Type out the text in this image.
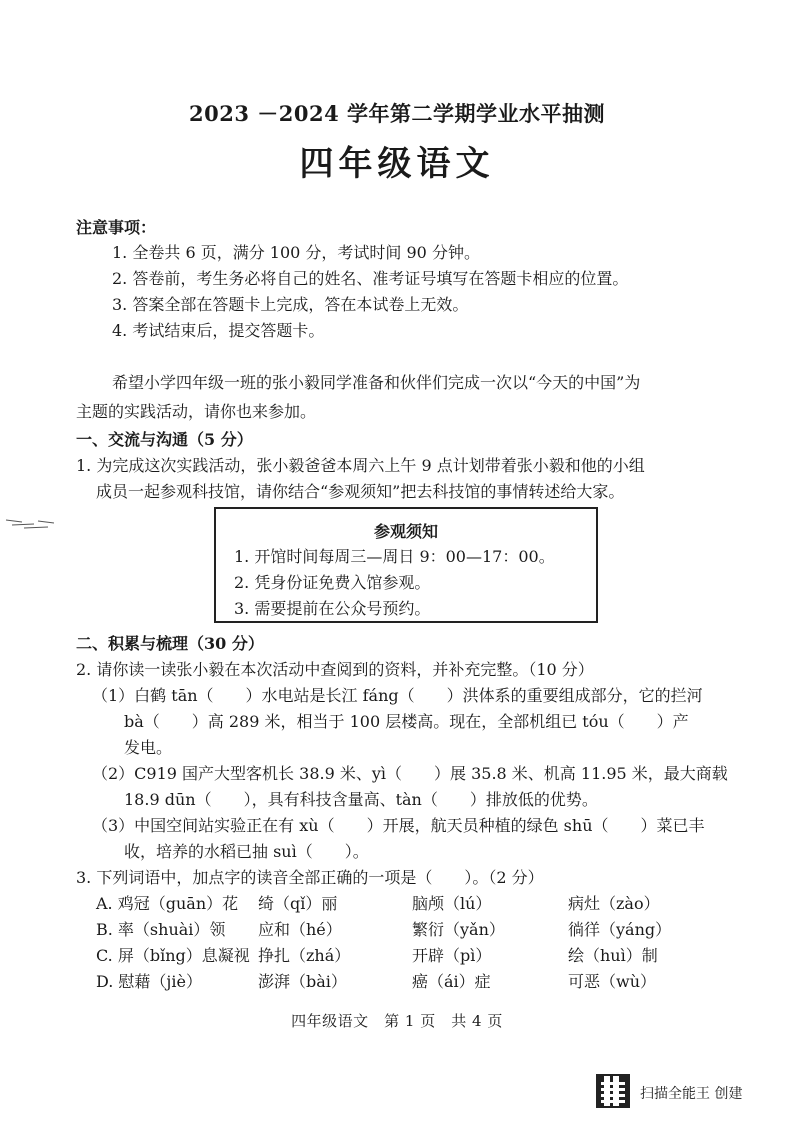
2023 －2024 学年第二学期学业水平抽测
四年级语文
注意事项：
1. 全卷共 6 页，满分 100 分，考试时间 90 分钟。
2. 答卷前，考生务必将自己的姓名、准考证号填写在答题卡相应的位置。
3. 答案全部在答题卡上完成，答在本试卷上无效。
4. 考试结束后，提交答题卡。
希望小学四年级一班的张小毅同学准备和伙伴们完成一次以“今天的中国”为
主题的实践活动，请你也来参加。
一、交流与沟通（5 分）
1. 为完成这次实践活动，张小毅爸爸本周六上午 9 点计划带着张小毅和他的小组
成员一起参观科技馆，请你结合“参观须知”把去科技馆的事情转述给大家。
参观须知
1. 开馆时间每周三—周日 9：00—17：00。
2. 凭身份证免费入馆参观。
3. 需要提前在公众号预约。
二、积累与梳理（30 分）
2. 请你读一读张小毅在本次活动中查阅到的资料，并补充完整。（10 分）
（1）白鹤 tān（　　）水电站是长江 fáng（　　）洪体系的重要组成部分，它的拦河
bà（　　）高 289 米，相当于 100 层楼高。现在，全部机组已 tóu（　　）产
发电。
（2）C919 国产大型客机长 38.9 米、yì（　　）展 35.8 米、机高 11.95 米，最大商载
18.9 dūn（　　），具有科技含量高、tàn（　　）排放低的优势。
（3）中国空间站实验正在有 xù（　　）开展，航天员种植的绿色 shū（　　）菜已丰
收，培养的水稻已抽 suì（　　）。
3. 下列词语中，加点字的读音全部正确的一项是（　　）。（2 分）
A. 鸡冠（guān）花 绮（qǐ）丽	脑颅（lú）	病灶（zào）
B. 率（shuài）领 应和（hé）	繁衍（yǎn）	徜徉（yáng）
C. 屏（bǐng）息凝视 挣扎（zhá）	开辟（pì）	绘（huì）制
D. 慰藉（jiè）	澎湃（bài）	癌（ái）症	可恶（wù）
四年级语文　第 1 页　共 4 页
扫描全能王 创建
